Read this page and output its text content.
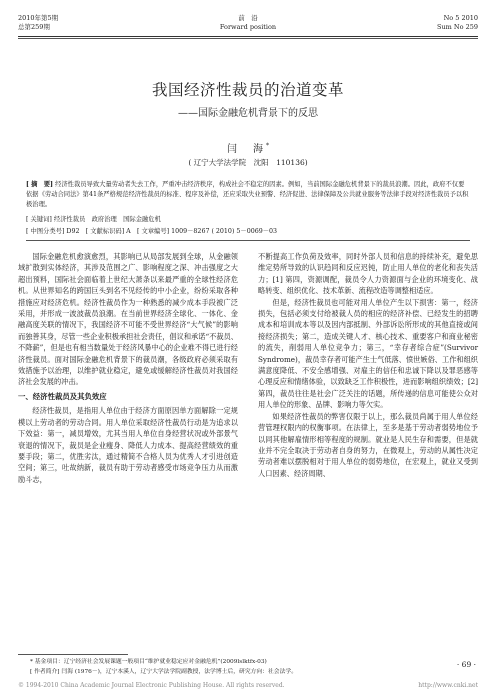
2010年第5期
总第259期
前　沿
Forward position
No 5 2010
Sum No 259
我国经济性裁员的治道变革
——国际金融危机背景下的反思
闫　海*
( 辽宁大学法学院　沈阳　110136)
[ 摘　要] 经济性裁员导致大量劳动者失去工作，严重冲击经济秩序，构成社会不稳定的因素。例如，当前国际金融危机背景下的裁员浪潮。因此，政府不仅要依据《劳动合同法》第41条严格规范经济性裁员的标准、程序及补偿，还应采取失业预警、经济促进、法律保障及公共就业服务等法律手段对经济性裁员予以积极治理。
[ 关键词] 经济性裁员　政府治理　国际金融危机
[ 中图分类号] D92　[ 文献标识码] A　[ 文章编号] 1009－8267 ( 2010) 5－0069－03

国际金融危机愈演愈烈，其影响已从局部发展到全球，从金融领域扩散到实体经济，其涉及范围之广、影响程度之深、冲击强度之大超出预料，国际社会面临着上世纪大萧条以来最严重的全球性经济危机。从世界知名的跨国巨头到名不见经传的中小企业，纷纷采取各种措施应对经济危机。经济性裁员作为一种熟悉的减少成本手段被广泛采用，并形成一波波裁员浪潮。在当前世界经济全球化、一体化、金融高度关联的情况下，我国经济不可能不受世界经济“大气候”的影响而独善其身，尽管一些企业积极承担社会责任，倡议和承诺“不裁员、不降薪”，但是也有相当数量处于经济风暴中心的企业难不得已进行经济性裁员。面对国际金融危机背景下的裁员潮，各级政府必须采取有效措施予以治理，以维护就业稳定，避免或缓解经济性裁员对我国经济社会发展的冲击。

一、经济性裁员及其负效应

经济性裁员，是指用人单位由于经济方面原因单方面解除一定规模以上劳动者的劳动合同。用人单位采取经济性裁员行动是为追求以下效益：第一，减员增效，尤其当用人单位自身经营状况或外部景气衰退的情况下，裁员是企业瘦身、降低人力成本、提高经营绩效的重要手段；第二，优胜劣汰，通过精简不合格人员为优秀人才引进创造空间；第三，吐故纳新，裁员有助于劳动者感受市场竞争压力从而激励斗志，

不断提高工作负荷及效率，同时外部人员和信息的持续补充，避免思维定势所导致的认识趋同和反应迟钝，防止用人单位的老化和丧失活力；[1] 第四，资源调配，裁员令人力资源面与企业的环境变化、战略转变、组织优化、技术革新、流程改造等调整相适应。

但是，经济性裁员也可能对用人单位产生以下损害：第一，经济损失，包括必须支付给被裁人员的相应的经济补偿、已经发生的招聘成本和培训成本等以及因内部抵制、外部诉讼所形成的其他直接或间接经济损失；第二，造成关键人才、核心技术、重要客户和商业秘密的流失，削弱用人单位竞争力；第三，“幸存者综合症”(Survivor Syndrome)，裁员幸存者可能产生士气低落、愤世嫉俗、工作和组织满意度降低、不安全感增强、对雇主的信任和忠诚下降以及罪恶感等心理反应和情绪体验，以致缺乏工作积极性，进而影响组织绩效；[2] 第四，裁员往往是社会广泛关注的话题，所传递的信息可能使公众对用人单位的形象、品牌、影响力等欠实。

如果经济性裁员的弊害仅限于以上，那么裁员尚属于用人单位经营管理权限内的权衡事项。在法律上，至多是基于劳动者弱势地位予以同其他解雇情形相等程度的规制。就业是人民生存和需要，但是就业并不完全取决于劳动者自身的努力，在微观上，劳动的从属性决定劳动者难以摆脱相对于用人单位的弱势地位，在宏观上，就业又受到人口因素、经济周期、

* 基金项目：辽宁经济社会发展课题一般项目“维护就业稳定应对金融危机”(2009lslktfx-03)
[ 作者简介] 闫海 (1976－)，辽宁本溪人，辽宁大学法学院副教授，法学博士后，研究方向：社会法学。
· 69 ·
© 1994-2010 China Academic Journal Electronic Publishing House. All rights reserved.	http://www.cnki.net
